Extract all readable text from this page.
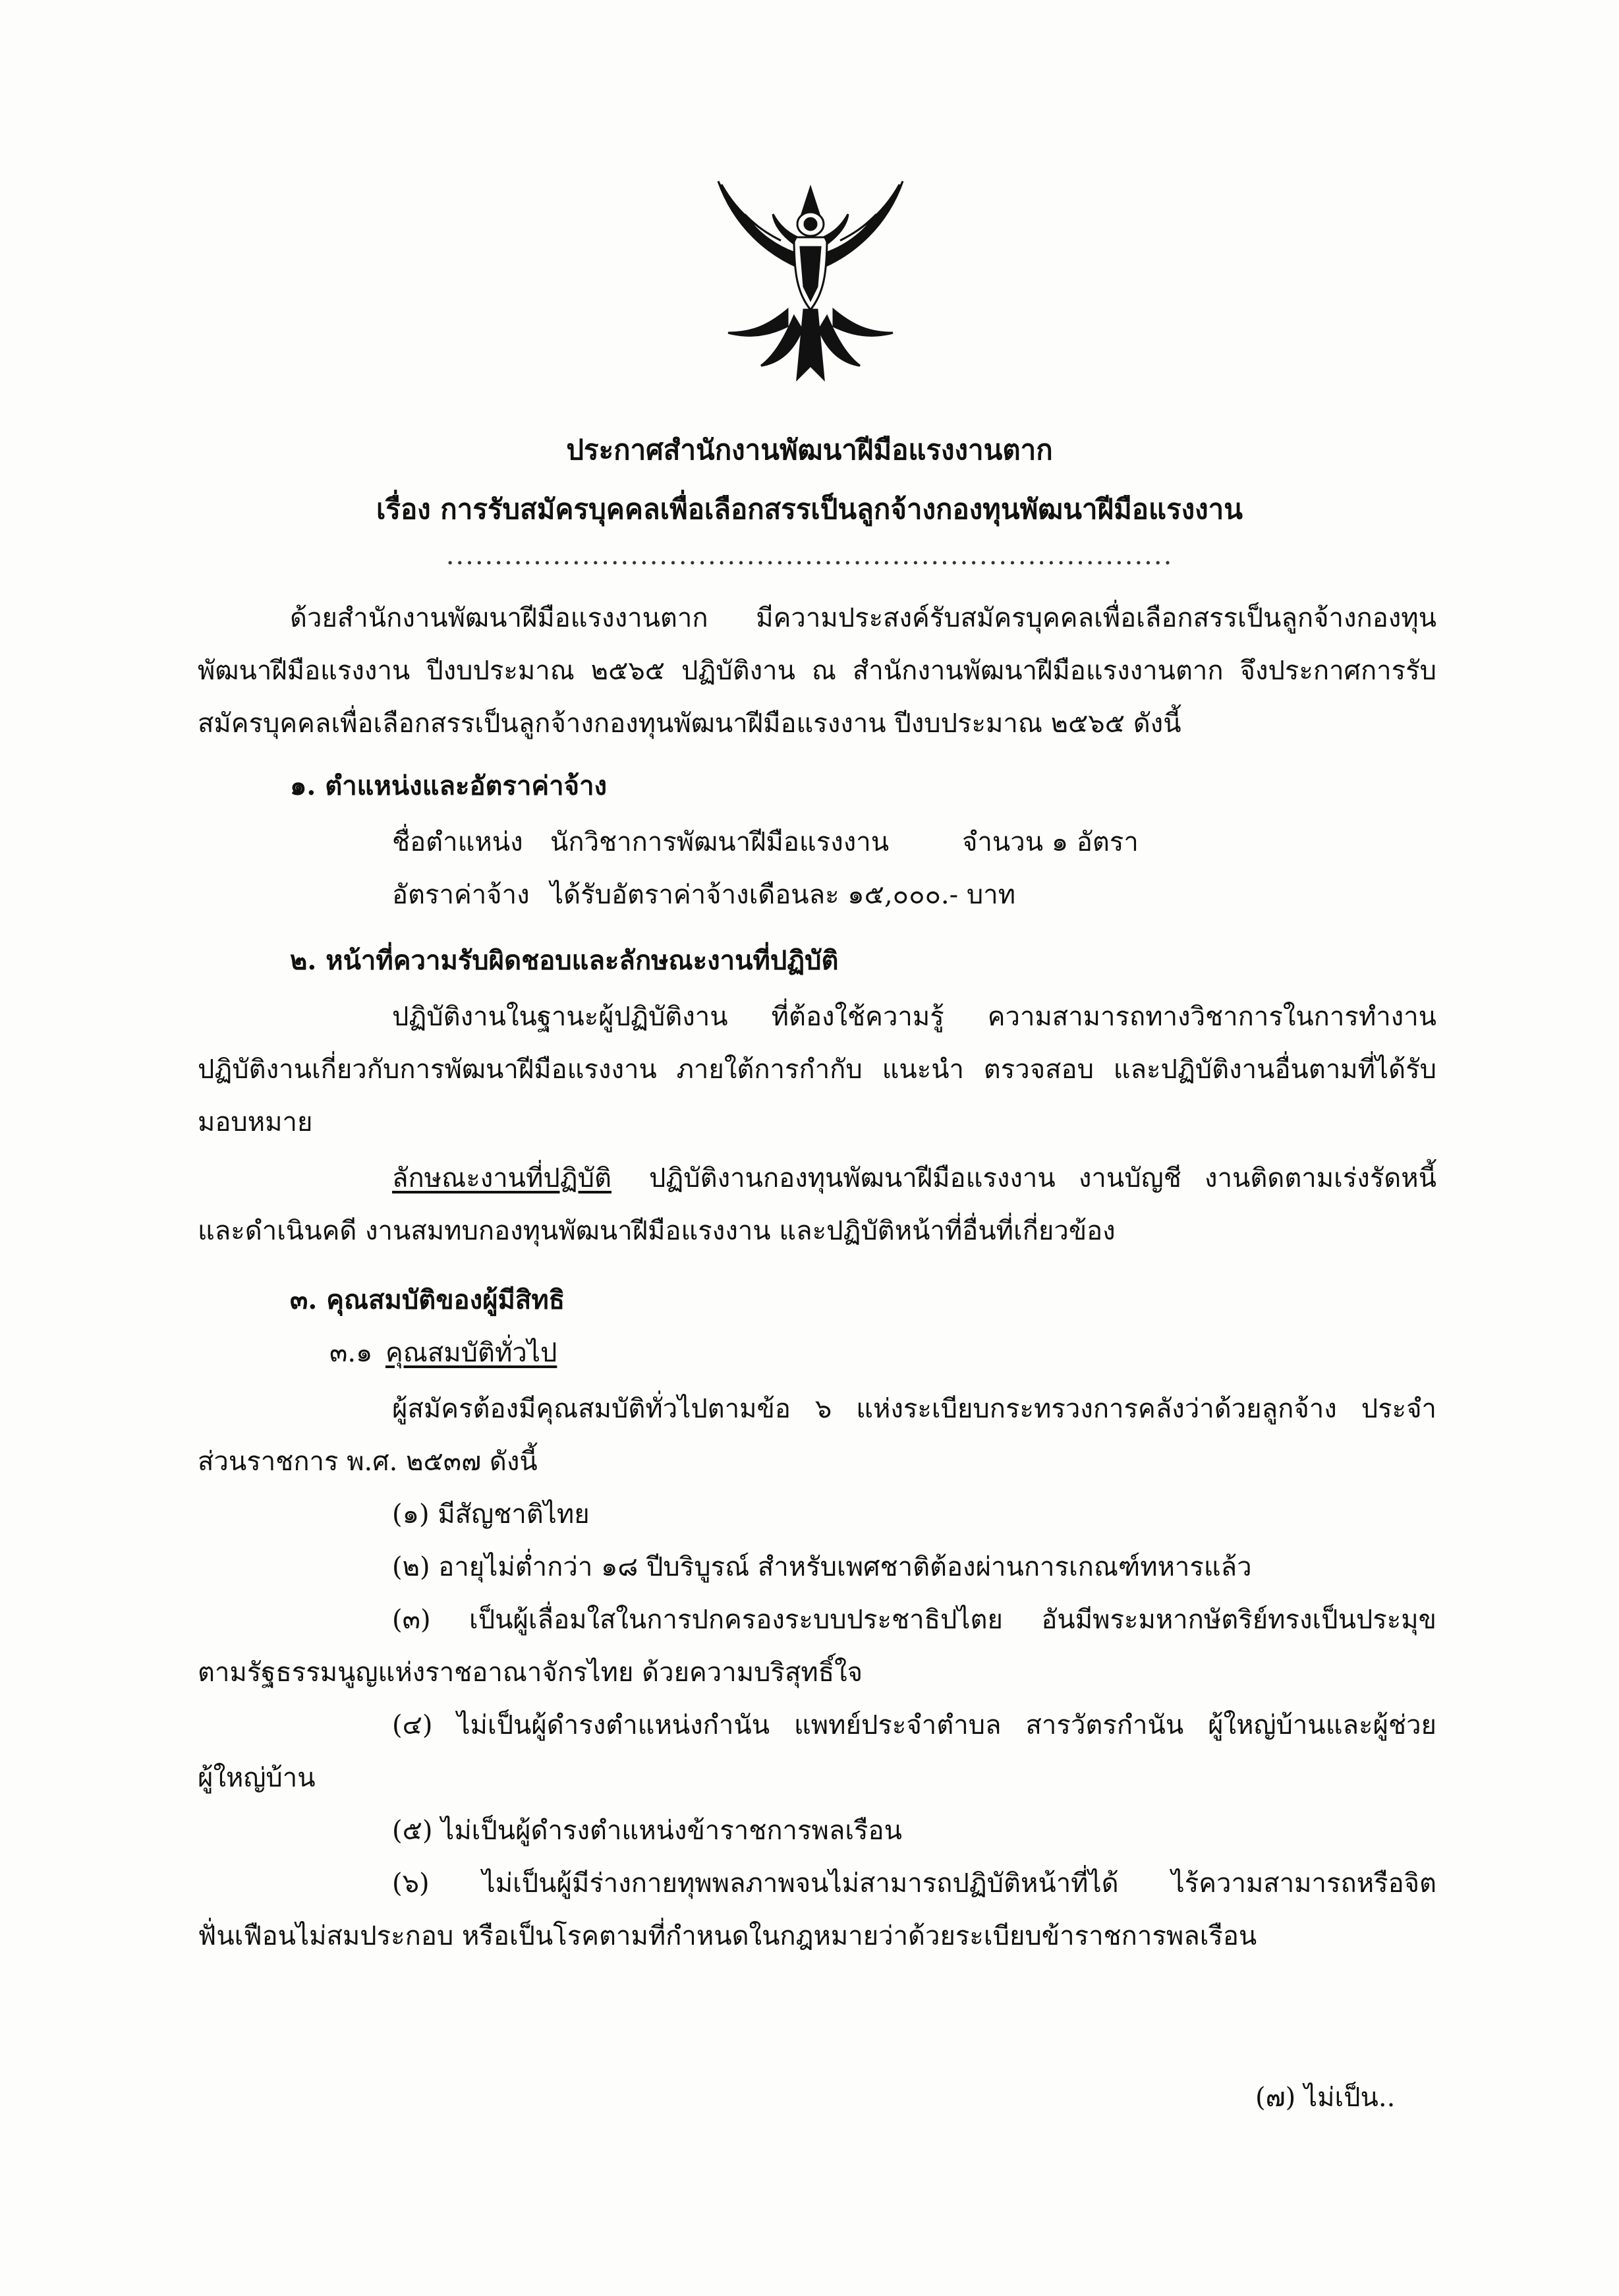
ประกาศสำนักงานพัฒนาฝีมือแรงงานตาก
เรื่อง การรับสมัครบุคคลเพื่อเลือกสรรเป็นลูกจ้างกองทุนพัฒนาฝีมือแรงงาน
...........................................................................
ด้วยสำนักงานพัฒนาฝีมือแรงงานตาก มีความประสงค์รับสมัครบุคคลเพื่อเลือกสรรเป็นลูกจ้างกองทุน
พัฒนาฝีมือแรงงาน ปีงบประมาณ ๒๕๖๕ ปฏิบัติงาน ณ สำนักงานพัฒนาฝีมือแรงงานตาก จึงประกาศการรับ
สมัครบุคคลเพื่อเลือกสรรเป็นลูกจ้างกองทุนพัฒนาฝีมือแรงงาน ปีงบประมาณ ๒๕๖๕ ดังนี้
๑. ตำแหน่งและอัตราค่าจ้าง
ชื่อตำแหน่ง นักวิชาการพัฒนาฝีมือแรงงาน	จำนวน ๑ อัตรา
อัตราค่าจ้าง ได้รับอัตราค่าจ้างเดือนละ ๑๕,๐๐๐.- บาท
๒. หน้าที่ความรับผิดชอบและลักษณะงานที่ปฏิบัติ
ปฏิบัติงานในฐานะผู้ปฏิบัติงาน ที่ต้องใช้ความรู้ ความสามารถทางวิชาการในการทำงาน
ปฏิบัติงานเกี่ยวกับการพัฒนาฝีมือแรงงาน ภายใต้การกำกับ แนะนำ ตรวจสอบ และปฏิบัติงานอื่นตามที่ได้รับ
มอบหมาย
ลักษณะงานที่ปฏิบัติ ปฏิบัติงานกองทุนพัฒนาฝีมือแรงงาน งานบัญชี งานติดตามเร่งรัดหนี้
และดำเนินคดี งานสมทบกองทุนพัฒนาฝีมือแรงงาน และปฏิบัติหน้าที่อื่นที่เกี่ยวข้อง
๓. คุณสมบัติของผู้มีสิทธิ
๓.๑ คุณสมบัติทั่วไป
ผู้สมัครต้องมีคุณสมบัติทั่วไปตามข้อ ๖ แห่งระเบียบกระทรวงการคลังว่าด้วยลูกจ้าง ประจำ
ส่วนราชการ พ.ศ. ๒๕๓๗ ดังนี้
(๑) มีสัญชาติไทย
(๒) อายุไม่ต่ำกว่า ๑๘ ปีบริบูรณ์ สำหรับเพศชาติต้องผ่านการเกณฑ์ทหารแล้ว
(๓) เป็นผู้เลื่อมใสในการปกครองระบบประชาธิปไตย อันมีพระมหากษัตริย์ทรงเป็นประมุข
ตามรัฐธรรมนูญแห่งราชอาณาจักรไทย ด้วยความบริสุทธิ์ใจ
(๔) ไม่เป็นผู้ดำรงตำแหน่งกำนัน แพทย์ประจำตำบล สารวัตรกำนัน ผู้ใหญ่บ้านและผู้ช่วย
ผู้ใหญ่บ้าน
(๕) ไม่เป็นผู้ดำรงตำแหน่งข้าราชการพลเรือน
(๖) ไม่เป็นผู้มีร่างกายทุพพลภาพจนไม่สามารถปฏิบัติหน้าที่ได้ ไร้ความสามารถหรือจิต
ฟั่นเฟือนไม่สมประกอบ หรือเป็นโรคตามที่กำหนดในกฎหมายว่าด้วยระเบียบข้าราชการพลเรือน
(๗) ไม่เป็น..
